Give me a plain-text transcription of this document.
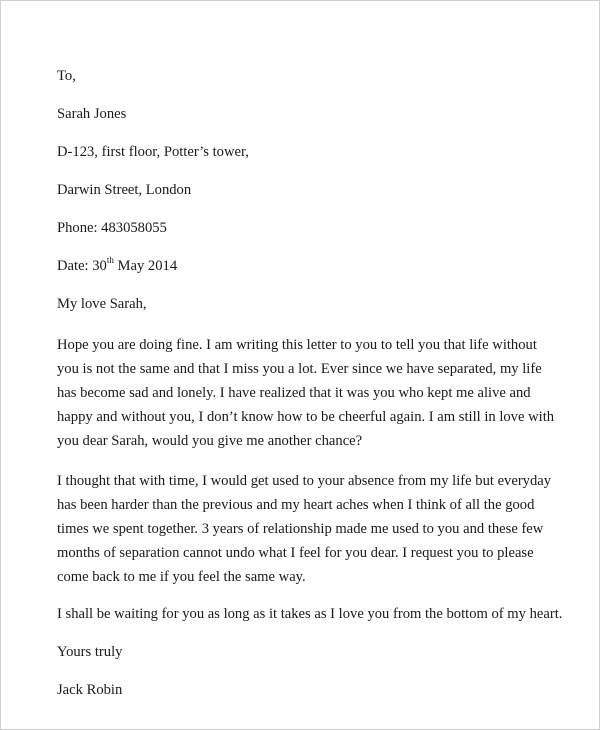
To,
Sarah Jones
D-123, first floor, Potter’s tower,
Darwin Street, London
Phone: 483058055
Date: 30th May 2014
My love Sarah,
Hope you are doing fine. I am writing this letter to you to tell you that life without
you is not the same and that I miss you a lot. Ever since we have separated, my life
has become sad and lonely. I have realized that it was you who kept me alive and
happy and without you, I don’t know how to be cheerful again. I am still in love with
you dear Sarah, would you give me another chance?
I thought that with time, I would get used to your absence from my life but everyday
has been harder than the previous and my heart aches when I think of all the good
times we spent together. 3 years of relationship made me used to you and these few
months of separation cannot undo what I feel for you dear. I request you to please
come back to me if you feel the same way.
I shall be waiting for you as long as it takes as I love you from the bottom of my heart.
Yours truly
Jack Robin
